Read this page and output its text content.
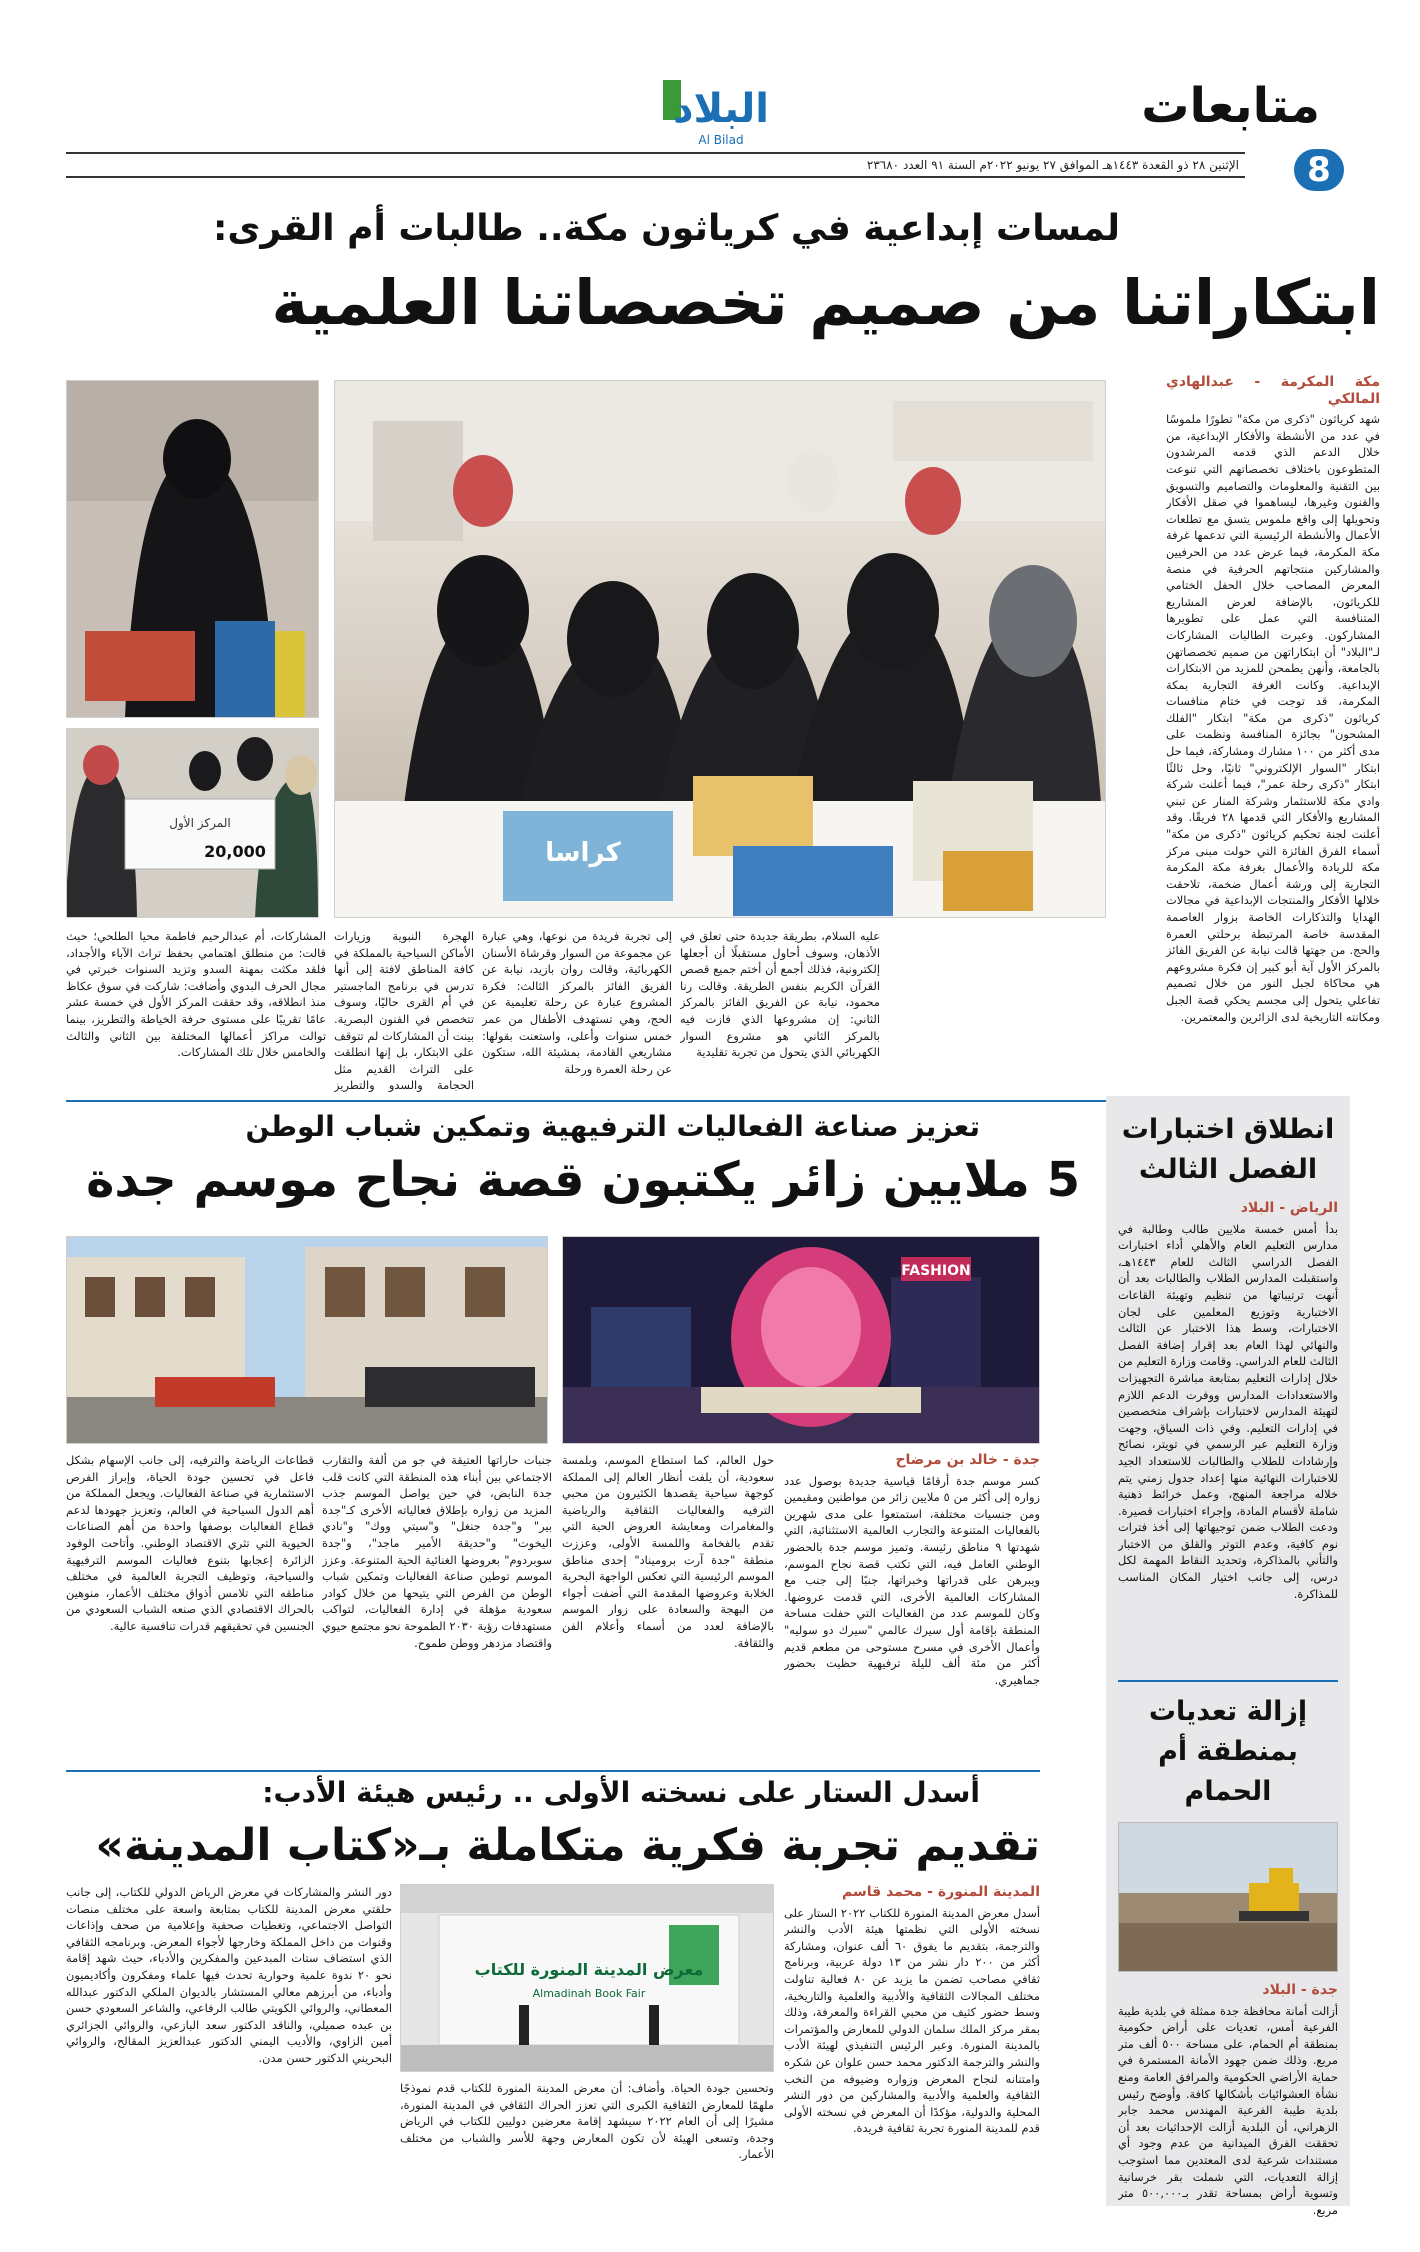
متابعات
8
البلاد
Al Bilad
الإثنين ٢٨ ذو القعدة ١٤٤٣هـ الموافق ٢٧ يونيو ٢٠٢٢م السنة ٩١ العدد ٢٣٦٨٠
لمسات إبداعية في كرياثون مكة.. طالبات أم القرى:
ابتكاراتنا من صميم تخصصاتنا العلمية
مكة المكرمة - عبدالهادي المالكي
شهد كرياثون "ذكرى من مكة" تطورًا ملموسًا في عدد من الأنشطة والأفكار الإبداعية، من خلال الدعم الذي قدمه المرشدون المتطوعون باختلاف تخصصاتهم التي تنوعت بين التقنية والمعلومات والتصاميم والتسويق والفنون وغيرها، ليساهموا في صقل الأفكار وتحويلها إلى واقع ملموس يتسق مع تطلعات الأعمال والأنشطة الرئيسية التي تدعمها غرفة مكة المكرمة، فيما عرض عدد من الحرفيين والمشاركين منتجاتهم الحرفية في منصة المعرض المصاحب خلال الحفل الختامي للكرياثون، بالإضافة لعرض المشاريع المتنافسة التي عمل على تطويرها المشاركون. وعبرت الطالبات المشاركات لـ"البلاد" أن ابتكاراتهن من صميم تخصصاتهن بالجامعة، وأنهن يطمحن للمزيد من الابتكارات الإبداعية. وكانت الغرفة التجارية بمكة المكرمة، قد توجت في ختام منافسات كرياثون "ذكرى من مكة" ابتكار "الفلك المشحون" بجائزة المنافسة ونظمت على مدى أكثر من ١٠٠ مشارك ومشاركة، فيما حل ابتكار "السوار الإلكتروني" ثانيًا، وحل ثالثًا ابتكار "ذكرى رحلة عمر"، فيما أعلنت شركة وادي مكة للاستثمار وشركة المنار عن تبني المشاريع والأفكار التي قدمها ٢٨ فريقًا. وقد أعلنت لجنة تحكيم كرياثون "ذكرى من مكة" أسماء الفرق الفائزة التي حولت مبنى مركز مكة للريادة والأعمال بغرفة مكة المكرمة التجارية إلى ورشة أعمال ضخمة، تلاحقت خلالها الأفكار والمنتجات الإبداعية في مجالات الهدايا والتذكارات الخاصة بزوار العاصمة المقدسة خاصة المرتبطة برحلتي العمرة والحج. من جهتها قالت نيابة عن الفريق الفائز بالمركز الأول آية أبو كبير إن فكرة مشروعهم هي محاكاة لجبل النور من خلال تصميم تفاعلي يتحول إلى مجسم يحكي قصة الجبل ومكانته التاريخية لدى الزائرين والمعتمرين.
كراسا
المركز الأول
20,000
عليه السلام، بطريقة جديدة حتى تعلق في الأذهان، وسوف أحاول مستقبلًا أن أجعلها إلكترونية، فذلك أجمع أن أختم جميع قصص القرآن الكريم بنفس الطريقة. وقالت رنا محمود، نيابة عن الفريق الفائز بالمركز الثاني: إن مشروعها الذي فازت فيه بالمركز الثاني هو مشروع السوار الكهربائي الذي يتحول من تجربة تقليدية
إلى تجربة فريدة من نوعها، وهي عبارة عن مجموعة من السوار وقرشاة الأسنان الكهربائية، وقالت روان بازيد، نيابة عن الفريق الفائز بالمركز الثالث: فكرة المشروع عبارة عن رحلة تعليمية عن الحج، وهي تستهدف الأطفال من عمر خمس سنوات وأعلى، واستعنت بقولها: مشاريعي القادمة، بمشيئة الله، ستكون عن رحلة العمرة ورحلة
الهجرة النبوية وزيارات الأماكن السياحية بالمملكة في كافة المناطق لافتة إلى أنها تدرس في برنامج الماجستير في أم القرى حاليًا، وسوف تتخصص في الفنون البصرية. بينت أن المشاركات لم تتوقف على الابتكار، بل إنها انطلقت على التراث القديم مثل الحجامة والسدو والتطريز
المشاركات، أم عبدالرحيم فاطمة محيا الطلحي؛ حيث قالت: من منطلق اهتمامي بحفظ تراث الآباء والأجداد، فلقد مكثت بمهنة السدو وتزيد السنوات خبرتي في مجال الحرف البدوي وأضافت: شاركت في سوق عكاظ منذ انطلاقه، وقد حققت المركز الأول في خمسة عشر عامًا تقريبًا على مستوى حرفة الخياطة والتطريز، بينما توالت مراكز أعمالها المختلفة بين الثاني والثالث والخامس خلال تلك المشاركات.
تعزيز صناعة الفعاليات الترفيهية وتمكين شباب الوطن
5 ملايين زائر يكتبون قصة نجاح موسم جدة
FASHION
جدة - خالد بن مرضاح
كسر موسم جدة أرقامًا قياسية جديدة بوصول عدد زواره إلى أكثر من ٥ ملايين زائر من مواطنين ومقيمين ومن جنسيات مختلفة، استمتعوا على مدى شهرين بالفعاليات المتنوعة والتجارب العالمية الاستثنائية، التي شهدتها ٩ مناطق رئيسة. وتميز موسم جدة بالحضور الوطني العامل فيه، التي تكتب قصة نجاح الموسم، ويبرهن على قدراتها وخبراتها، جنبًا إلى جنب مع المشاركات العالمية الأخرى، التي قدمت عروضها. وكان للموسم عدد من الفعاليات التي حفلت مساحة المنطقة بإقامة أول سيرك عالمي "سيرك دو سوليه" وأعمال الأخرى في مسرح مستوحى من مطعم قديم أكثر من مئة ألف لليلة ترفيهية حظيت بحضور جماهيري.
حول العالم، كما استطاع الموسم، وبلمسة سعودية، أن يلفت أنظار العالم إلى المملكة كوجهة سياحية يقصدها الكثيرون من محبي الترفيه والفعاليات الثقافية والرياضية والمغامرات ومعايشة العروض الحية التي تقدم بالفخامة واللمسة الأولى، وعززت منطقة "جدة آرت بروميناد" إحدى مناطق الموسم الرئيسية التي تعكس الواجهة البحرية الخلابة وعروضها المقدمة التي أضفت أجواء من البهجة والسعادة على زوار الموسم بالإضافة لعدد من أسماء وأعلام الفن والثقافة.
جنبات حاراتها العتيقة في جو من ألفة والتقارب الاجتماعي بين أبناء هذه المنطقة التي كانت قلب جدة النابض، في حين يواصل الموسم جذب المزيد من زواره بإطلاق فعالياته الأخرى كـ"جدة بير" و"جدة جنغل" و"سيتي ووك" و"نادي اليخوت" و"حديقة الأمير ماجد"، و"جدة سوبردوم" بعروضها الغنائية الحية المتنوعة. وعزز الموسم توطين صناعة الفعاليات وتمكين شباب الوطن من الفرص التي يتيحها من خلال كوادر سعودية مؤهلة في إدارة الفعاليات، لتواكب مستهدفات رؤية ٢٠٣٠ الطموحة نحو مجتمع حيوي واقتصاد مزدهر ووطن طموح.
قطاعات الرياضة والترفيه، إلى جانب الإسهام بشكل فاعل في تحسين جودة الحياة، وإبراز الفرص الاستثمارية في صناعة الفعاليات. ويجعل المملكة من أهم الدول السياحية في العالم، وتعزيز جهودها لدعم قطاع الفعاليات بوصفها واحدة من أهم الصناعات الحيوية التي تثري الاقتصاد الوطني. وأتاحت الوفود الزائرة إعجابها بتنوع فعاليات الموسم الترفيهية والسياحية، وتوظيف التجربة العالمية في مختلف مناطقه التي تلامس أذواق مختلف الأعمار، منوهين بالحراك الاقتصادي الذي صنعه الشباب السعودي من الجنسين في تحقيقهم قدرات تنافسية عالية.
أسدل الستار على نسخته الأولى .. رئيس هيئة الأدب:
تقديم تجربة فكرية متكاملة بـ«كتاب المدينة»
المدينة المنورة - محمد قاسم
أسدل معرض المدينة المنورة للكتاب ٢٠٢٢ الستار على نسخته الأولى التي نظمتها هيئة الأدب والنشر والترجمة، بتقديم ما يفوق ٦٠ ألف عنوان، ومشاركة أكثر من ٢٠٠ دار نشر من ١٣ دولة عربية، وبرنامج ثقافي مصاحب تضمن ما يزيد عن ٨٠ فعالية تناولت مختلف المجالات الثقافية والأدبية والعلمية والتاريخية، وسط حضور كثيف من محبي القراءة والمعرفة، وذلك بمقر مركز الملك سلمان الدولي للمعارض والمؤتمرات بالمدينة المنورة. وعبر الرئيس التنفيذي لهيئة الأدب والنشر والترجمة الدكتور محمد حسن علوان عن شكره وامتنانه لنجاح المعرض وزواره وضيوفه من النخب الثقافية والعلمية والأدبية والمشاركين من دور النشر المحلية والدولية، مؤكدًا أن المعرض في نسخته الأولى قدم للمدينة المنورة تجربة ثقافية فريدة.
معرض المدينة المنورة للكتاب
Almadinah Book Fair
وتحسين جودة الحياة. وأضاف: أن معرض المدينة المنورة للكتاب قدم نموذجًا ملهمًا للمعارض الثقافية الكبرى التي تعزز الحراك الثقافي في المدينة المنورة، مشيرًا إلى أن العام ٢٠٢٢ سيشهد إقامة معرضين دوليين للكتاب في الرياض وجدة، وتسعى الهيئة لأن تكون المعارض وجهة للأسر والشباب من مختلف الأعمار.
دور النشر والمشاركات في معرض الرياض الدولي للكتاب، إلى جانب حلقتي معرض المدينة للكتاب بمتابعة واسعة على مختلف منصات التواصل الاجتماعي، وتغطيات صحفية وإعلامية من صحف وإذاعات وقنوات من داخل المملكة وخارجها لأجواء المعرض. وبرنامجه الثقافي الذي استضاف ستات المبدعين والمفكرين والأدباء، حيث شهد إقامة نحو ٢٠ ندوة علمية وحوارية تحدث فيها علماء ومفكرون وأكاديميون وأدباء، من أبرزهم معالي المستشار بالديوان الملكي الدكتور عبدالله المعطاني، والروائي الكويتي طالب الرفاعي، والشاعر السعودي حسن بن عبده صميلي، والناقد الدكتور سعد البازعي، والروائي الجزائري أمين الزاوي، والأديب اليمني الدكتور عبدالعزيز المقالح، والروائي البحريني الدكتور حسن مدن.
انطلاق اختبارات الفصل الثالث
الرياض - البلاد
بدأ أمس خمسة ملايين طالب وطالبة في مدارس التعليم العام والأهلي أداء اختبارات الفصل الدراسي الثالث للعام ١٤٤٣هـ، واستقبلت المدارس الطلاب والطالبات بعد أن أنهت ترتيباتها من تنظيم وتهيئة القاعات الاختبارية وتوزيع المعلمين على لجان الاختبارات، وسط هذا الاختبار عن الثالث والنهائي لهذا العام بعد إقرار إضافة الفصل الثالث للعام الدراسي. وقامت وزارة التعليم من خلال إدارات التعليم بمتابعة مباشرة التجهيزات والاستعدادات المدارس ووفرت الدعم اللازم لتهيئة المدارس لاختبارات بإشراف متخصصين في إدارات التعليم. وفي ذات السياق، وجهت وزارة التعليم عبر الرسمي في تويتر، نصائح وإرشادات للطلاب والطالبات للاستعداد الجيد للاختبارات النهائية منها إعداد جدول زمني يتم خلاله مراجعة المنهج، وعمل خرائط ذهنية شاملة لأقسام المادة، وإجراء اختبارات قصيرة. ودعت الطلاب ضمن توجيهاتها إلى أخذ فترات نوم كافية، وعدم التوتر والقلق من الاختبار والتأني بالمذاكرة، وتحديد النقاط المهمة لكل درس، إلى جانب اختيار المكان المناسب للمذاكرة.
إزالة تعديات بمنطقة أم الحمام
جدة - البلاد
أزالت أمانة محافظة جدة ممثلة في بلدية طيبة الفرعية أمس، تعديات على أراض حكومية بمنطقة أم الحمام، على مساحة ٥٠٠ ألف متر مربع. وذلك ضمن جهود الأمانة المستمرة في حماية الأراضي الحكومية والمرافق العامة ومنع نشأة العشوائيات بأشكالها كافة. وأوضح رئيس بلدية طيبة الفرعية المهندس محمد جابر الزهراني، أن البلدية أزالت الإحداثيات بعد أن تحققت الفرق الميدانية من عدم وجود أي مستندات شرعية لدى المعتدين مما استوجب إزالة التعديات، التي شملت بقر خرسانية وتسوية أراض بمساحة تقدر بـ٥٠٠,٠٠٠ متر مربع.
